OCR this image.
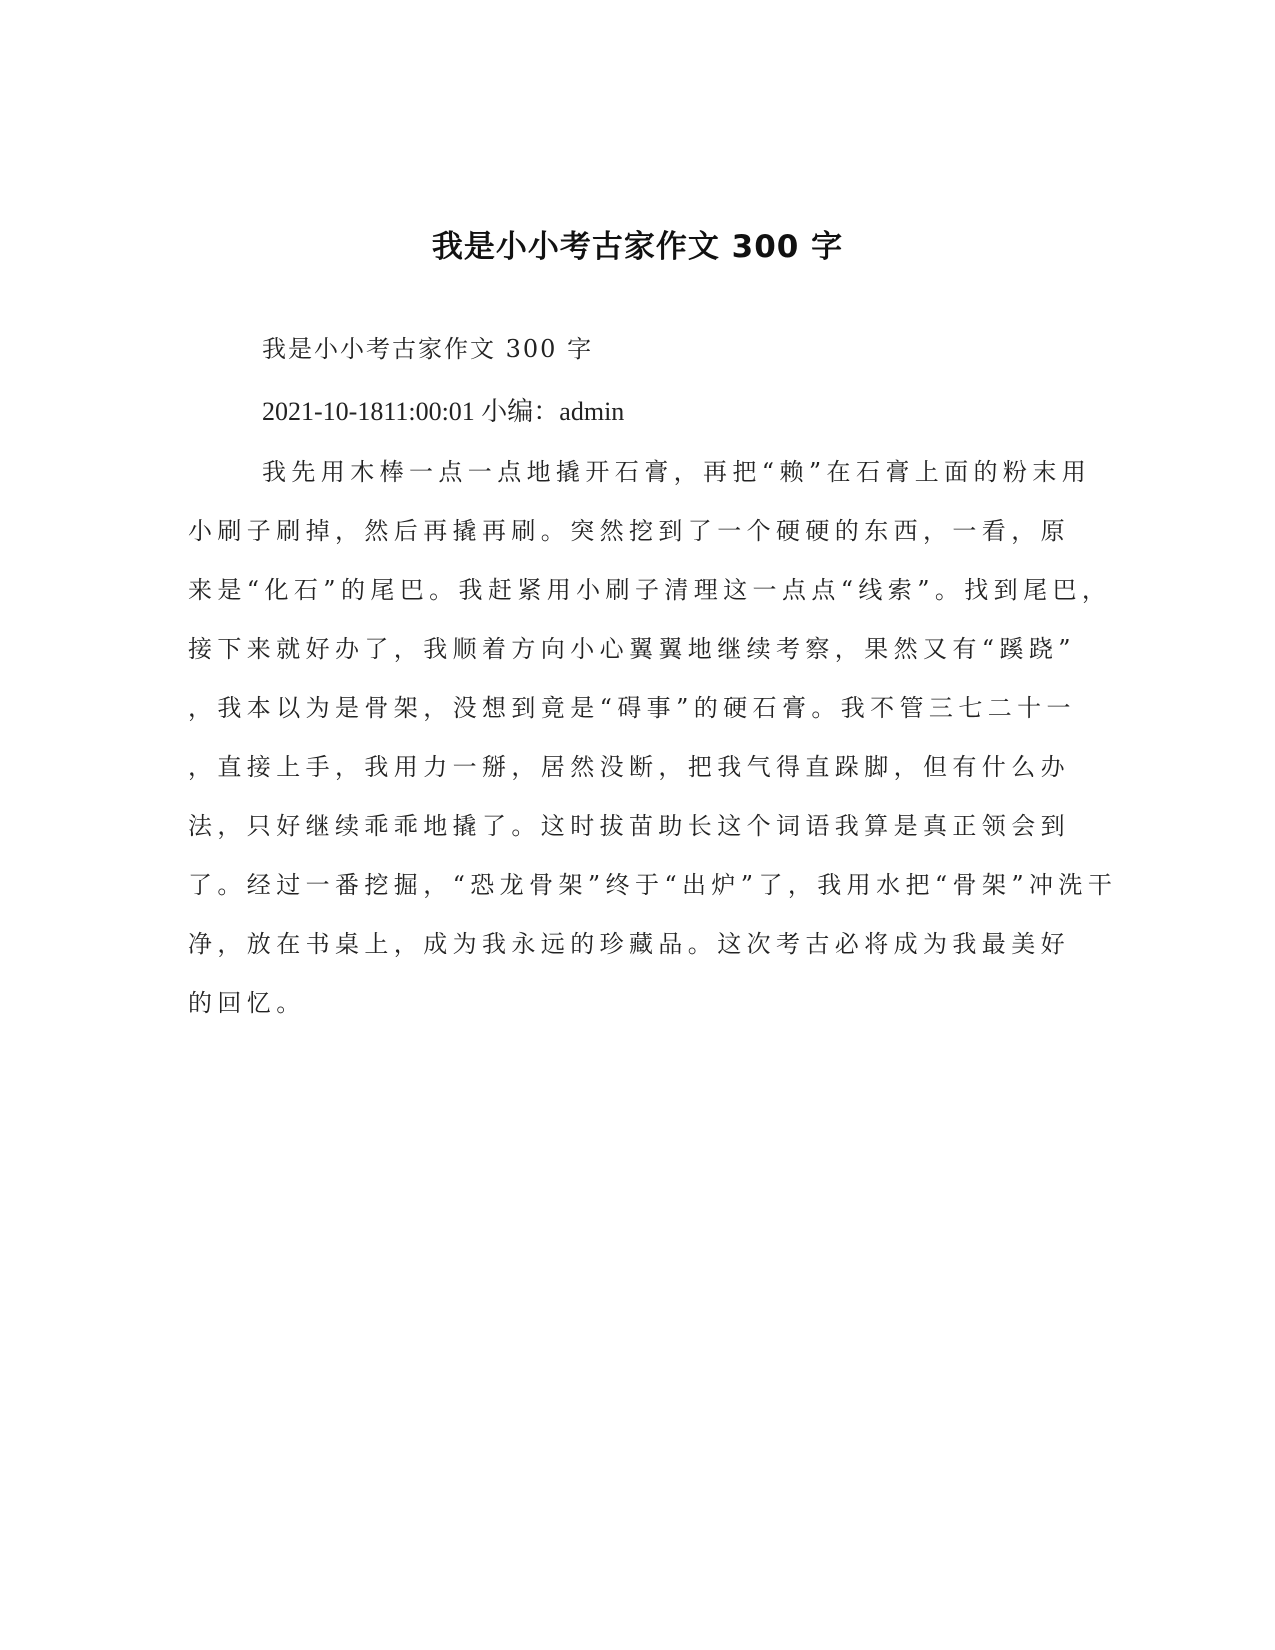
我是小小考古家作文 300 字
我是小小考古家作文 300 字
2021-10-1811:00:01 小编：admin
我先用木棒一点一点地撬开石膏，再把“赖”在石膏上面的粉末用
小刷子刷掉，然后再撬再刷。突然挖到了一个硬硬的东西，一看，原
来是“化石”的尾巴。我赶紧用小刷子清理这一点点“线索”。找到尾巴，
接下来就好办了，我顺着方向小心翼翼地继续考察，果然又有“蹊跷”
，我本以为是骨架，没想到竟是“碍事”的硬石膏。我不管三七二十一
，直接上手，我用力一掰，居然没断，把我气得直跺脚，但有什么办
法，只好继续乖乖地撬了。这时拔苗助长这个词语我算是真正领会到
了。经过一番挖掘，“恐龙骨架”终于“出炉”了，我用水把“骨架”冲洗干
净，放在书桌上，成为我永远的珍藏品。这次考古必将成为我最美好
的回忆。
